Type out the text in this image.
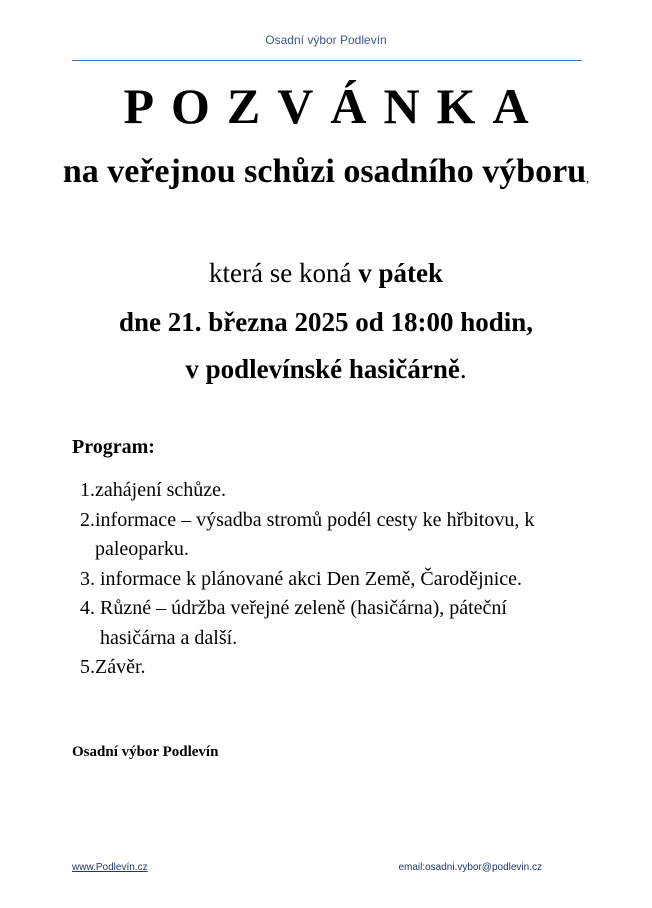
Osadní výbor Podlevín
POZVÁNKA
na veřejnou schůzi osadního výboru,
která se koná v pátek
dne 21. března 2025 od 18:00 hodin,
v podlevínské hasičárně.
Program:
1. zahájení schůze.
2. informace – výsadba stromů podél cesty ke hřbitovu, k paleoparku.
3. informace k plánované akci Den Země, Čarodějnice.
4. Různé – údržba veřejné zeleně (hasičárna), páteční hasičárna a další.
5. Závěr.
Osadní výbor Podlevín
www.Podlevín.cz	email:osadni.vybor@podlevin.cz
